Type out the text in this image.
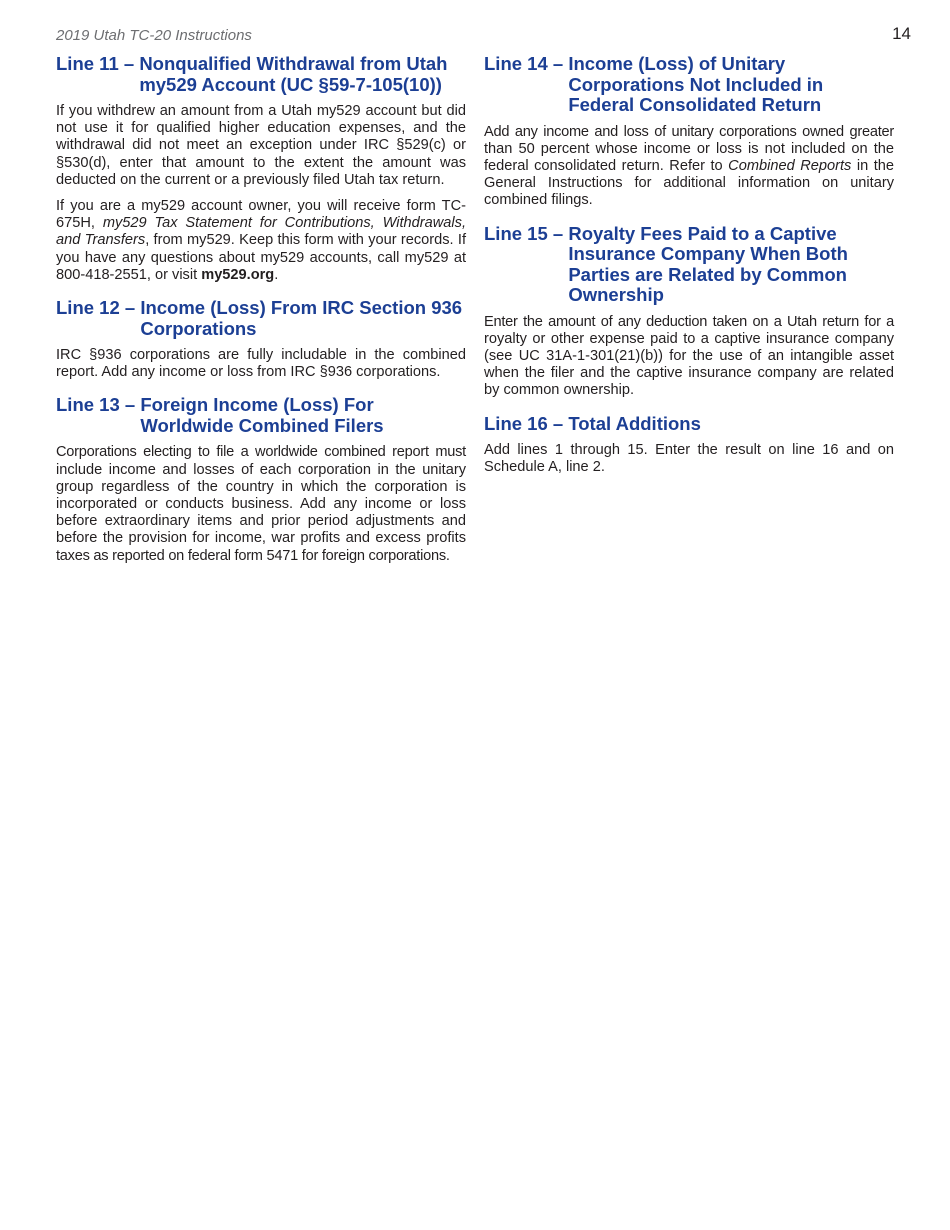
2019 Utah TC-20 Instructions	14
Line 11 – Nonqualified Withdrawal from Utah my529 Account (UC §59-7-105(10))

If you withdrew an amount from a Utah my529 account but did not use it for qualified higher education expenses, and the withdrawal did not meet an exception under IRC §529(c) or §530(d), enter that amount to the extent the amount was deducted on the current or a previously filed Utah tax return.

If you are a my529 account owner, you will receive form TC-675H, my529 Tax Statement for Contributions, Withdrawals, and Transfers, from my529. Keep this form with your records. If you have any questions about my529 accounts, call my529 at 800-418-2551, or visit my529.org.

Line 12 – Income (Loss) From IRC Section 936 Corporations

IRC §936 corporations are fully includable in the combined report. Add any income or loss from IRC §936 corporations.

Line 13 – Foreign Income (Loss) For Worldwide Combined Filers

Corporations electing to file a worldwide combined report must include income and losses of each corporation in the unitary group regardless of the country in which the corporation is incorporated or conducts business. Add any income or loss before extraordinary items and prior period adjustments and before the provision for income, war profits and excess profits taxes as reported on federal form 5471 for foreign corporations.

Line 14 – Income (Loss) of Unitary Corporations Not Included in Federal Consolidated Return

Add any income and loss of unitary corporations owned greater than 50 percent whose income or loss is not included on the federal consolidated return. Refer to Combined Reports in the General Instructions for additional information on unitary combined filings.

Line 15 – Royalty Fees Paid to a Captive Insurance Company When Both Parties are Related by Common Ownership

Enter the amount of any deduction taken on a Utah return for a royalty or other expense paid to a captive insurance company (see UC 31A-1-301(21)(b)) for the use of an intangible asset when the filer and the captive insurance company are related by common ownership.

Line 16 – Total Additions

Add lines 1 through 15. Enter the result on line 16 and on Schedule A, line 2.
